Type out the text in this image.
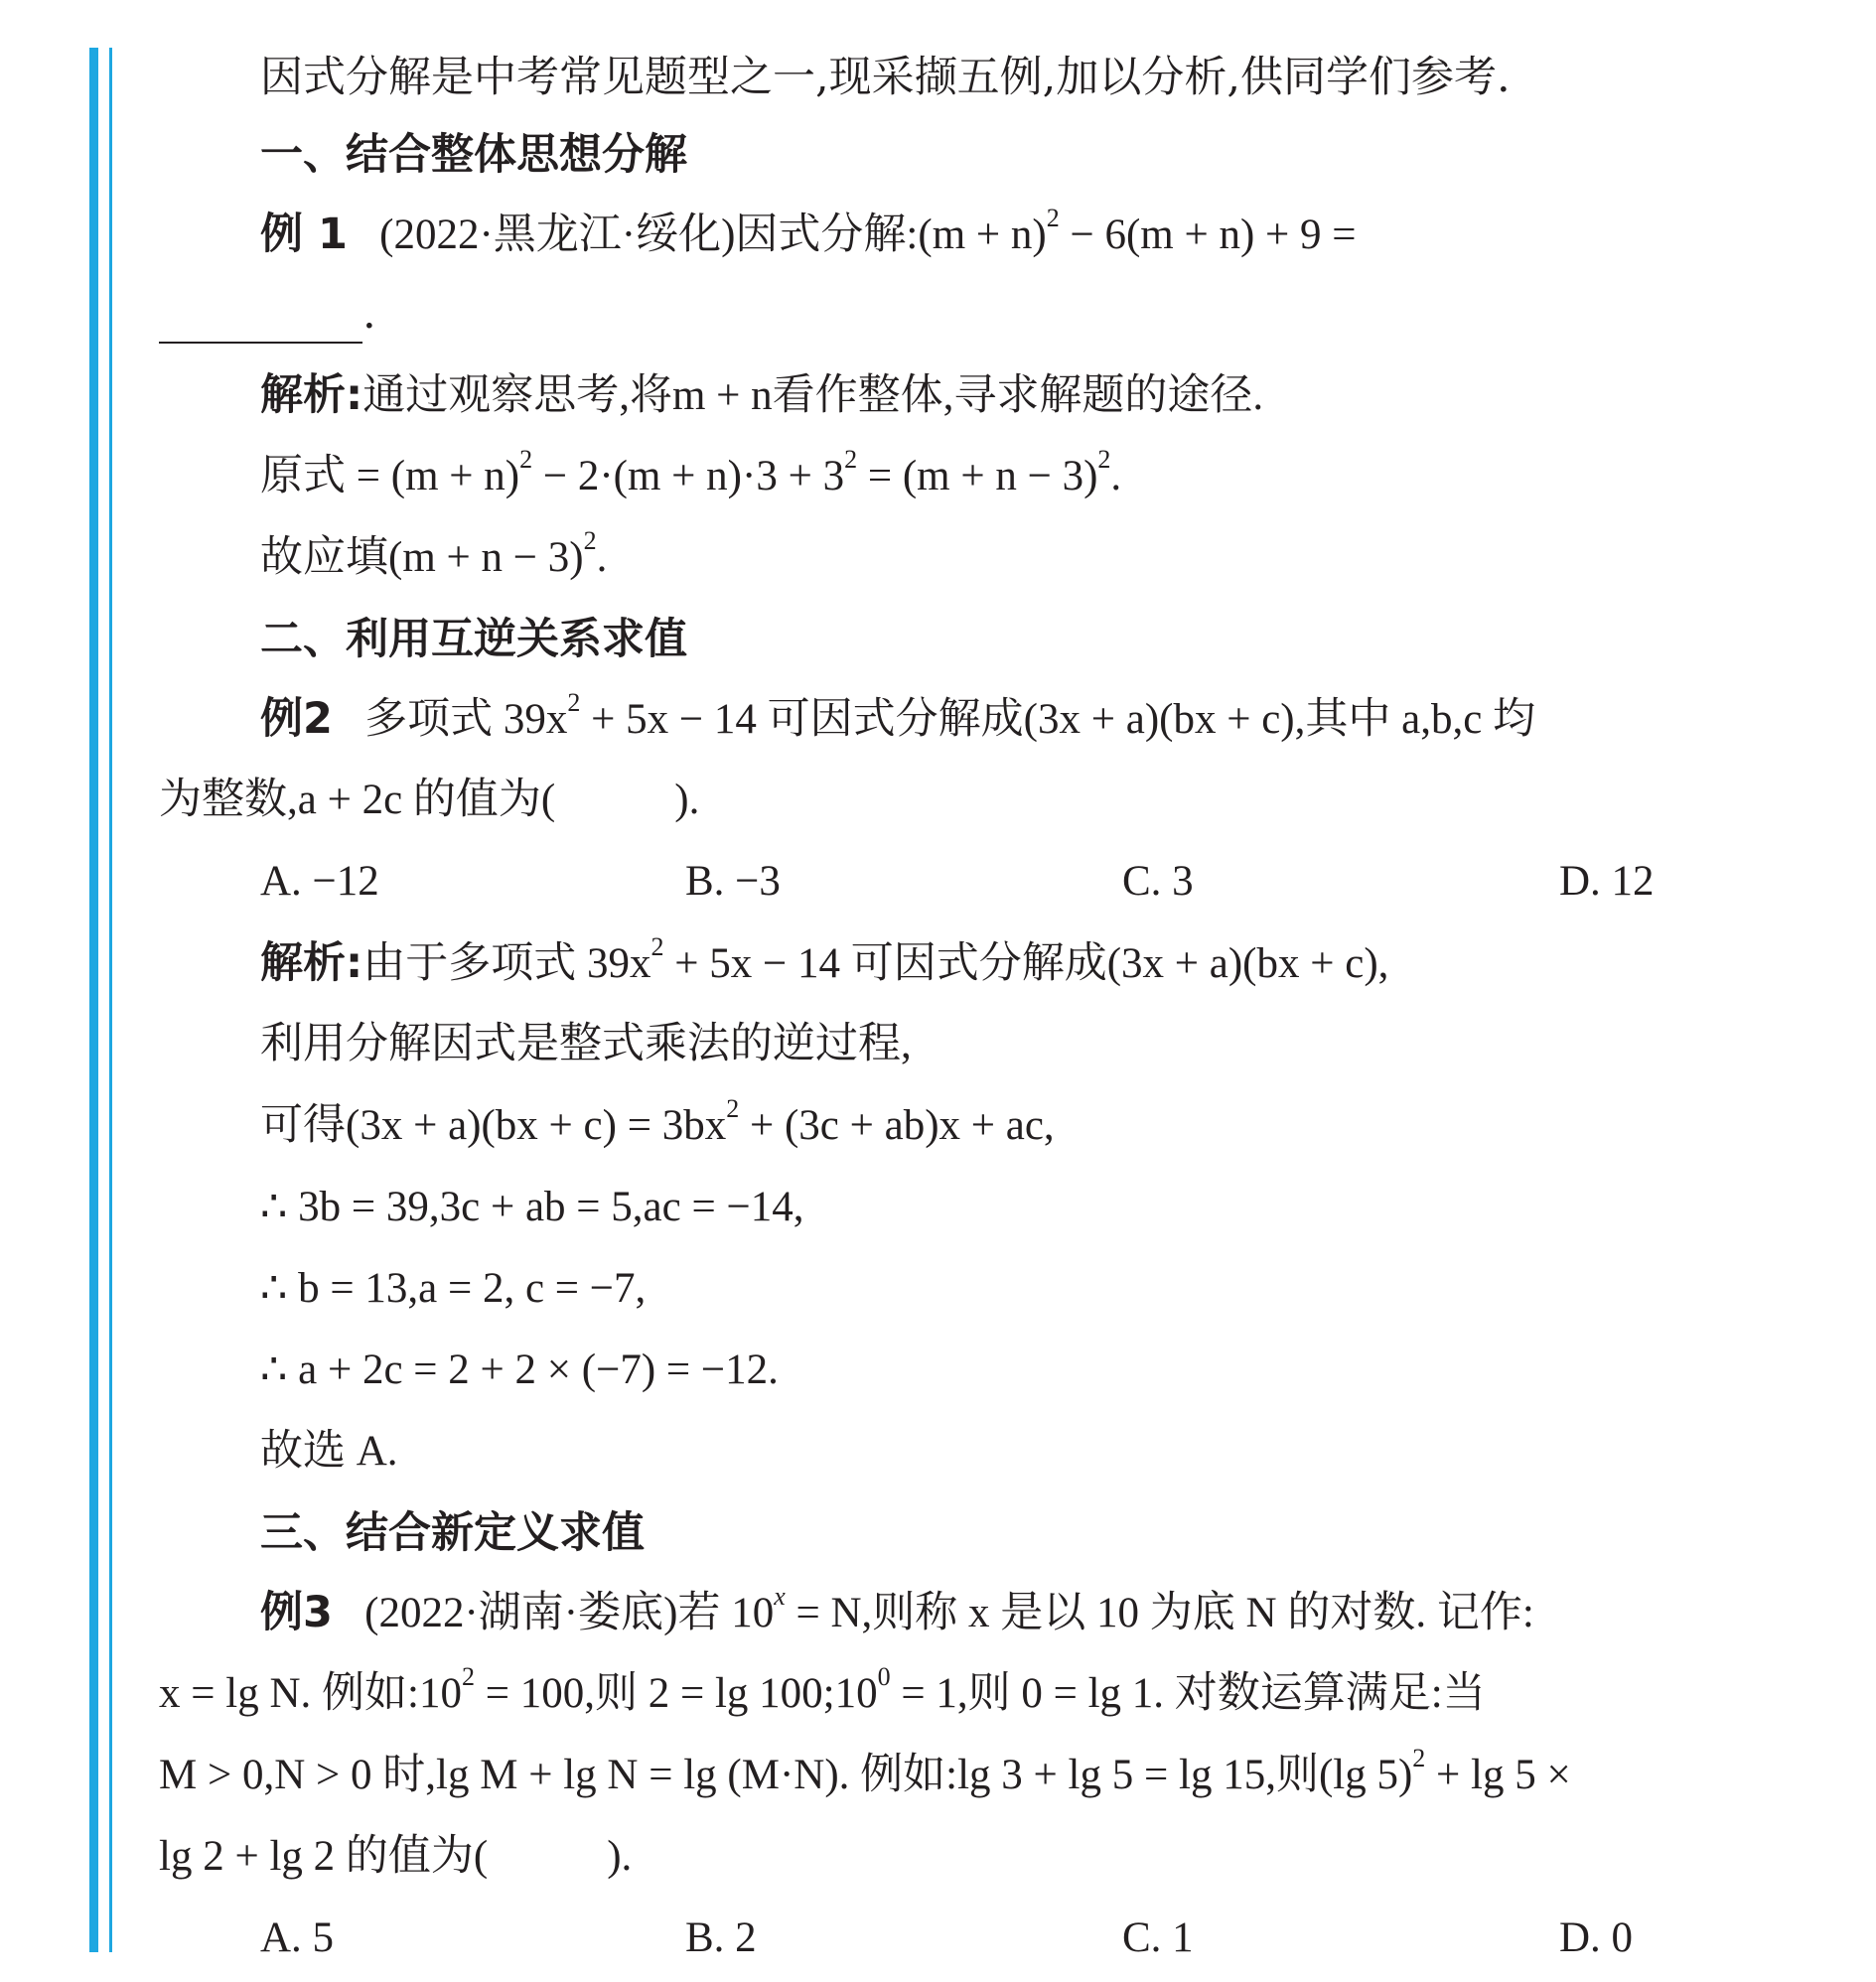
因式分解是中考常见题型之一,现采撷五例,加以分析,供同学们参考.
一、结合整体思想分解
例 1 (2022·黑龙江·绥化)因式分解:(m + n)$^2$ − 6(m + n) + 9 =
.
解析:通过观察思考,将m + n看作整体,寻求解题的途径.
原式 = $(m + n)^2 - 2\cdot(m + n)\cdot 3 + 3^2 = (m + n - 3)^2$.
故应填$(m + n - 3)^2$.
二、利用互逆关系求值
例2 多项式 $39x^2 + 5x - 14$ 可因式分解成(3x + a)(bx + c),其中 a,b,c 均
为整数,a + 2c 的值为(	).
A. −12	B. −3	C. 3	D. 12
解析:由于多项式 $39x^2 + 5x - 14$ 可因式分解成(3x + a)(bx + c),
利用分解因式是整式乘法的逆过程,
可得$(3x + a)(bx + c) = 3bx^2 + (3c + ab)x$ + ac,
∴ 3b = 39,3c + ab = 5,ac = −14,
∴ b = 13,a = 2, c = −7,
∴ a + 2c = 2 + 2 × (−7) = −12.
故选 A.
三、结合新定义求值
例3 (2022·湖南·娄底)若 $10^x = N$,则称 x 是以 10 为底 N 的对数. 记作:
x = lg N. 例如$:10^2 = 100$,则 $2 = \lg 100;10^0 = 1$,则 0 = lg 1. 对数运算满足:当
M > 0,N > 0 时,lg M + lg N = lg (M·N). 例如:lg 3 + lg 5 = lg 15,则(lg 5)$^2$ + lg 5 ×
lg 2 + lg 2 的值为(	).
A. 5	B. 2	C. 1	D. 0
